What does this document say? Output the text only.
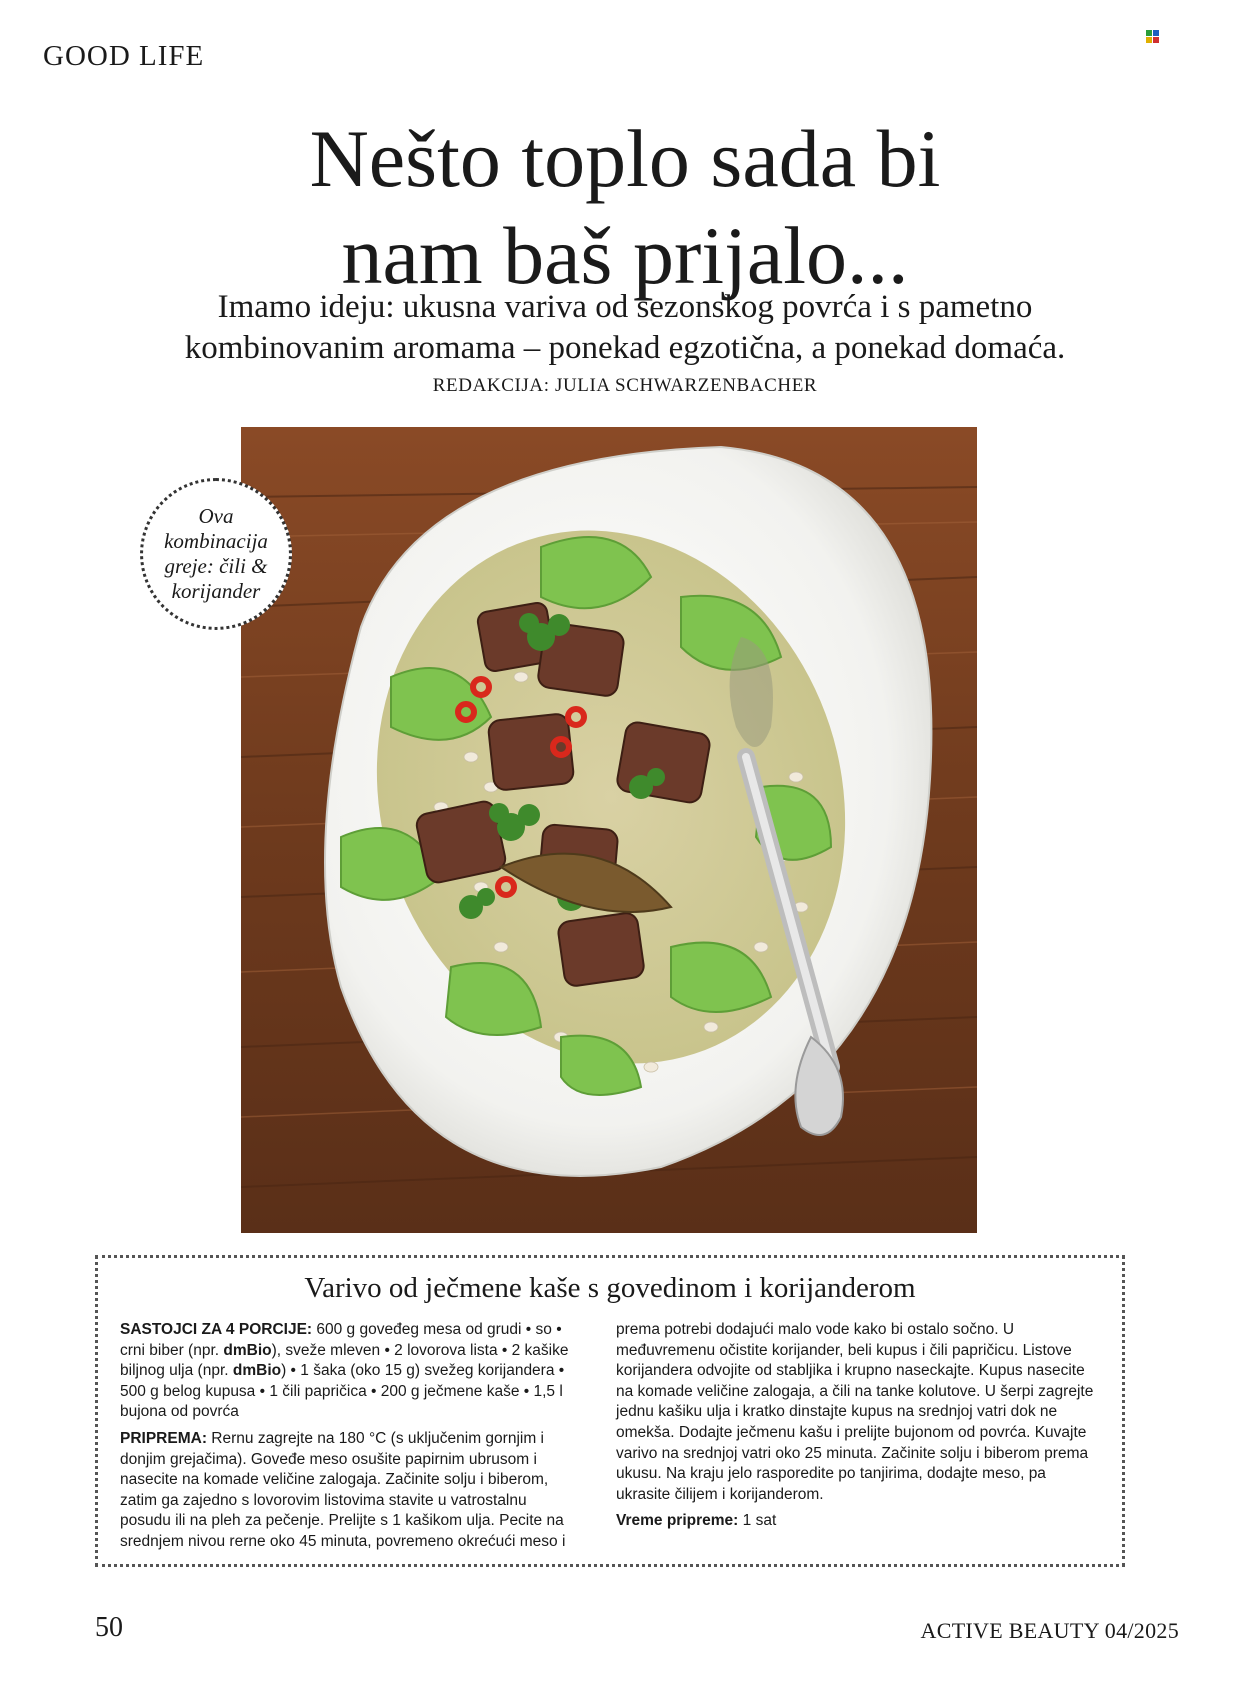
GOOD LIFE
Nešto toplo sada bi
nam baš prijalo...
Imamo ideju: ukusna variva od sezonskog povrća i s pametno
kombinovanim aromama – ponekad egzotična, a ponekad domaća.
REDAKCIJA: JULIA SCHWARZENBACHER
Ova
kombinacija
greje: čili &
korijander
Varivo od ječmene kaše s govedinom i korijanderom

SASTOJCI ZA 4 PORCIJE: 600 g goveđeg mesa od grudi • so • crni biber (npr. dmBio), sveže mleven • 2 lovorova lista • 2 kašike biljnog ulja (npr. dmBio) • 1 šaka (oko 15 g) svežeg korijandera • 500 g belog kupusa • 1 čili papričica • 200 g ječmene kaše • 1,5 l bujona od povrća

PRIPREMA: Rernu zagrejte na 180 °C (s uključenim gornjim i donjim grejačima). Goveđe meso osušite papirnim ubrusom i nasecite na komade veličine zalogaja. Začinite solju i biberom, zatim ga zajedno s lovorovim listovima stavite u vatrostalnu posudu ili na pleh za pečenje. Prelijte s 1 kašikom ulja. Pecite na srednjem nivou rerne oko 45 minuta, povremeno okrećući meso i

prema potrebi dodajući malo vode kako bi ostalo sočno. U međuvremenu očistite korijander, beli kupus i čili papričicu. Listove korijandera odvojite od stabljika i krupno naseckajte. Kupus nasecite na komade veličine zalogaja, a čili na tanke kolutove. U šerpi zagrejte jednu kašiku ulja i kratko dinstajte kupus na srednjoj vatri dok ne omekša. Dodajte ječmenu kašu i prelijte bujonom od povrća. Kuvajte varivo na srednjoj vatri oko 25 minuta. Začinite solju i biberom prema ukusu. Na kraju jelo rasporedite po tanjirima, dodajte meso, pa ukrasite čilijem i korijanderom.

Vreme pripreme: 1 sat

50	ACTIVE BEAUTY 04/2025
